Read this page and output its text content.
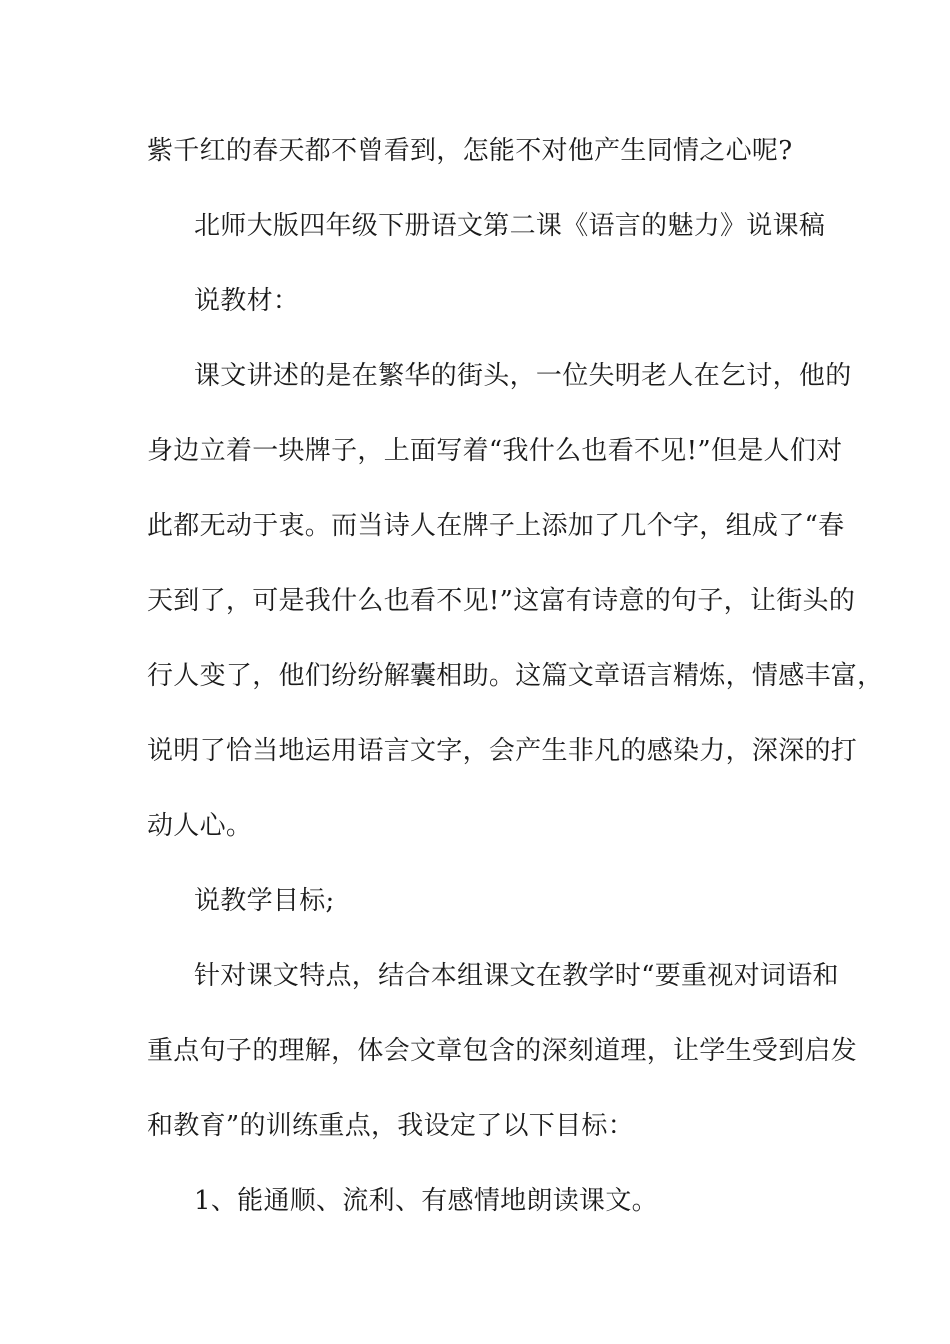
紫千红的春天都不曾看到，怎能不对他产生同情之心呢?
北师大版四年级下册语文第二课《语言的魅力》说课稿
说教材：
课文讲述的是在繁华的街头，一位失明老人在乞讨，他的
身边立着一块牌子，上面写着“我什么也看不见!”但是人们对
此都无动于衷。而当诗人在牌子上添加了几个字，组成了“春
天到了，可是我什么也看不见!”这富有诗意的句子，让街头的
行人变了，他们纷纷解囊相助。这篇文章语言精炼，情感丰富，
说明了恰当地运用语言文字，会产生非凡的感染力，深深的打
动人心。
说教学目标;
针对课文特点，结合本组课文在教学时“要重视对词语和
重点句子的理解，体会文章包含的深刻道理，让学生受到启发
和教育”的训练重点，我设定了以下目标：
1、能通顺、流利、有感情地朗读课文。
